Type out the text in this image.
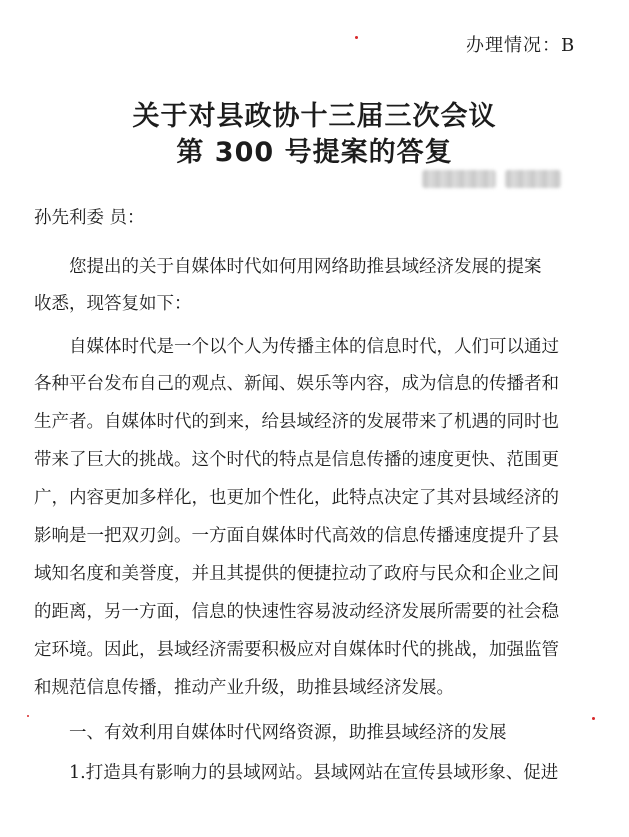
办理情况：B
关于对县政协十三届三次会议
第 300 号提案的答复
孙先利委 员：
您提出的关于自媒体时代如何用网络助推县域经济发展的提案
收悉，现答复如下：
自媒体时代是一个以个人为传播主体的信息时代，人们可以通过
各种平台发布自己的观点、新闻、娱乐等内容，成为信息的传播者和
生产者。自媒体时代的到来，给县域经济的发展带来了机遇的同时也
带来了巨大的挑战。这个时代的特点是信息传播的速度更快、范围更
广，内容更加多样化，也更加个性化，此特点决定了其对县域经济的
影响是一把双刃剑。一方面自媒体时代高效的信息传播速度提升了县
域知名度和美誉度，并且其提供的便捷拉动了政府与民众和企业之间
的距离，另一方面，信息的快速性容易波动经济发展所需要的社会稳
定环境。因此，县域经济需要积极应对自媒体时代的挑战，加强监管
和规范信息传播，推动产业升级，助推县域经济发展。
一、有效利用自媒体时代网络资源，助推县域经济的发展
1.打造具有影响力的县域网站。县域网站在宣传县域形象、促进
